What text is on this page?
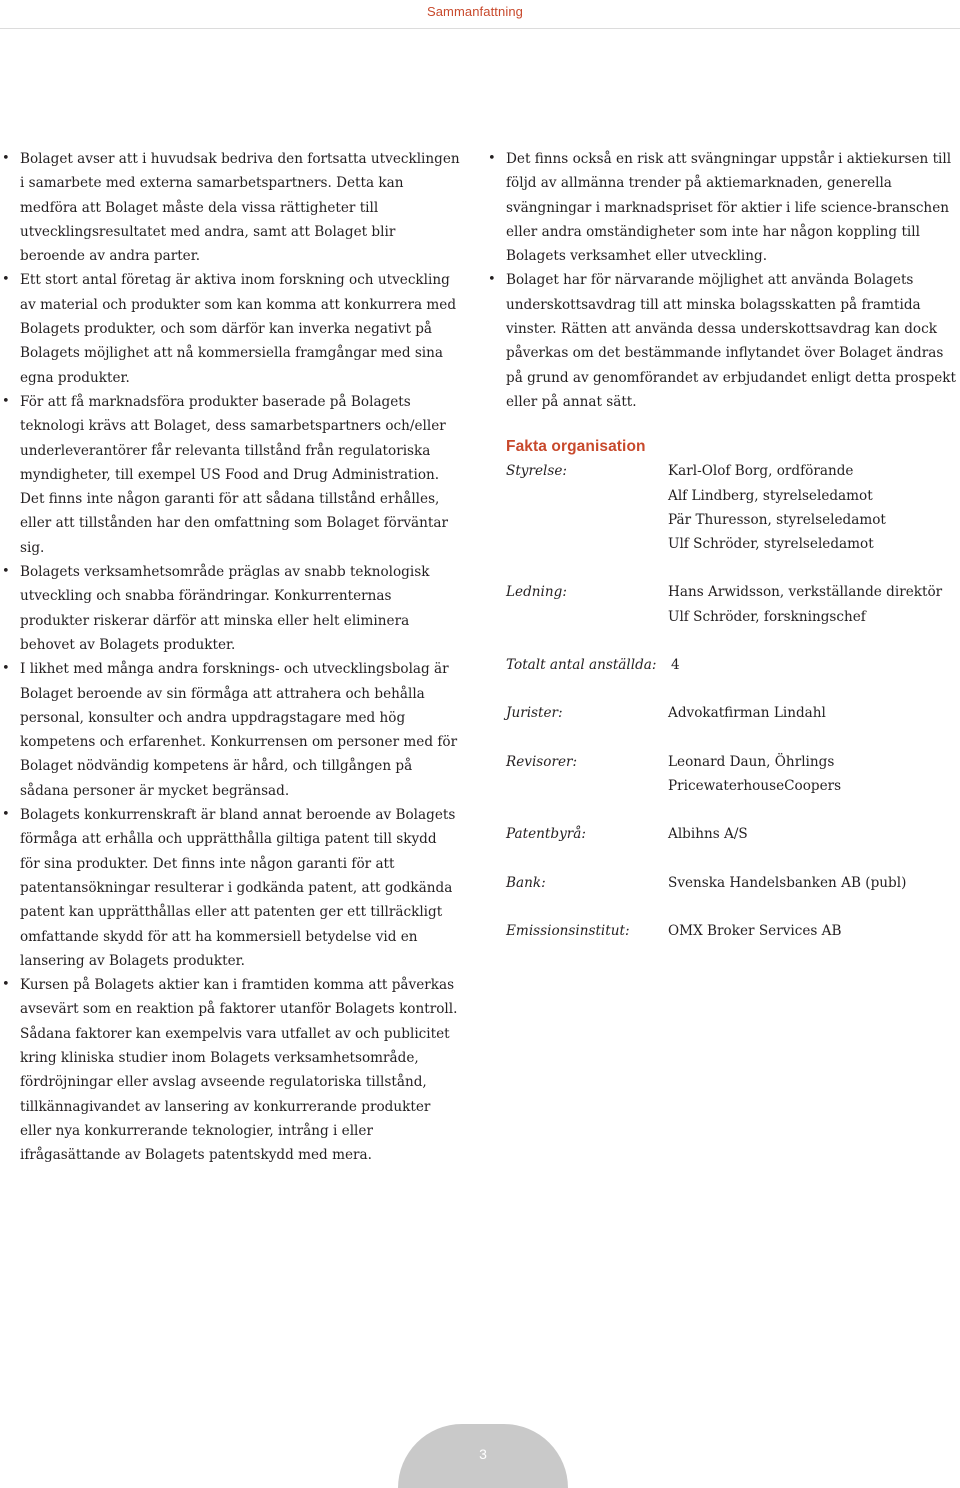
Sammanfattning
• Bolaget avser att i huvudsak bedriva den fortsatta utvecklingen i samarbete med externa samarbetspartners. Detta kan medföra att Bolaget måste dela vissa rättigheter till utvecklingsresultatet med andra, samt att Bolaget blir beroende av andra parter.
• Ett stort antal företag är aktiva inom forskning och utveckling av material och produkter som kan komma att konkurrera med Bolagets produkter, och som därför kan inverka negativt på Bolagets möjlighet att nå kommersiella framgångar med sina egna produkter.
• För att få marknadsföra produkter baserade på Bolagets teknologi krävs att Bolaget, dess samarbetspartners och/eller underleverantörer får relevanta tillstånd från regulatoriska myndigheter, till exempel US Food and Drug Administration. Det finns inte någon garanti för att sådana tillstånd erhålles, eller att tillstånden har den omfattning som Bolaget förväntar sig.
• Bolagets verksamhetsområde präglas av snabb teknologisk utveckling och snabba förändringar. Konkurrenternas produkter riskerar därför att minska eller helt eliminera behovet av Bolagets produkter.
• I likhet med många andra forsknings- och utvecklingsbolag är Bolaget beroende av sin förmåga att attrahera och behålla personal, konsulter och andra uppdragstagare med hög kompetens och erfarenhet. Konkurrensen om personer med för Bolaget nödvändig kompetens är hård, och tillgången på sådana personer är mycket begränsad.
• Bolagets konkurrenskraft är bland annat beroende av Bolagets förmåga att erhålla och upprätthålla giltiga patent till skydd för sina produkter. Det finns inte någon garanti för att patentansökningar resulterar i godkända patent, att godkända patent kan upprätthållas eller att patenten ger ett tillräckligt omfattande skydd för att ha kommersiell betydelse vid en lansering av Bolagets produkter.
• Kursen på Bolagets aktier kan i framtiden komma att påverkas avsevärt som en reaktion på faktorer utanför Bolagets kontroll. Sådana faktorer kan exempelvis vara utfallet av och publicitet kring kliniska studier inom Bolagets verksamhetsområde, fördröjningar eller avslag avseende regulatoriska tillstånd, tillkännagivandet av lansering av konkurrerande produkter eller nya konkurrerande teknologier, intrång i eller ifrågasättande av Bolagets patentskydd med mera.
• Det finns också en risk att svängningar uppstår i aktiekursen till följd av allmänna trender på aktiemarknaden, generella svängningar i marknadspriset för aktier i life science-branschen eller andra omständigheter som inte har någon koppling till Bolagets verksamhet eller utveckling.
• Bolaget har för närvarande möjlighet att använda Bolagets underskottsavdrag till att minska bolagsskatten på framtida vinster. Rätten att använda dessa underskottsavdrag kan dock påverkas om det bestämmande inflytandet över Bolaget ändras på grund av genomförandet av erbjudandet enligt detta prospekt eller på annat sätt.
Fakta organisation
Styrelse:	Karl-Olof Borg, ordförande
Alf Lindberg, styrelseledamot
Pär Thuresson, styrelseledamot
Ulf Schröder, styrelseledamot
Ledning:	Hans Arwidsson, verkställande direktör
Ulf Schröder, forskningschef
Totalt antal anställda:	4
Jurister:	Advokatfirman Lindahl
Revisorer:	Leonard Daun, Öhrlings
PricewaterhouseCoopers
Patentbyrå:	Albihns A/S
Bank:	Svenska Handelsbanken AB (publ)
Emissionsinstitut:	OMX Broker Services AB
3
